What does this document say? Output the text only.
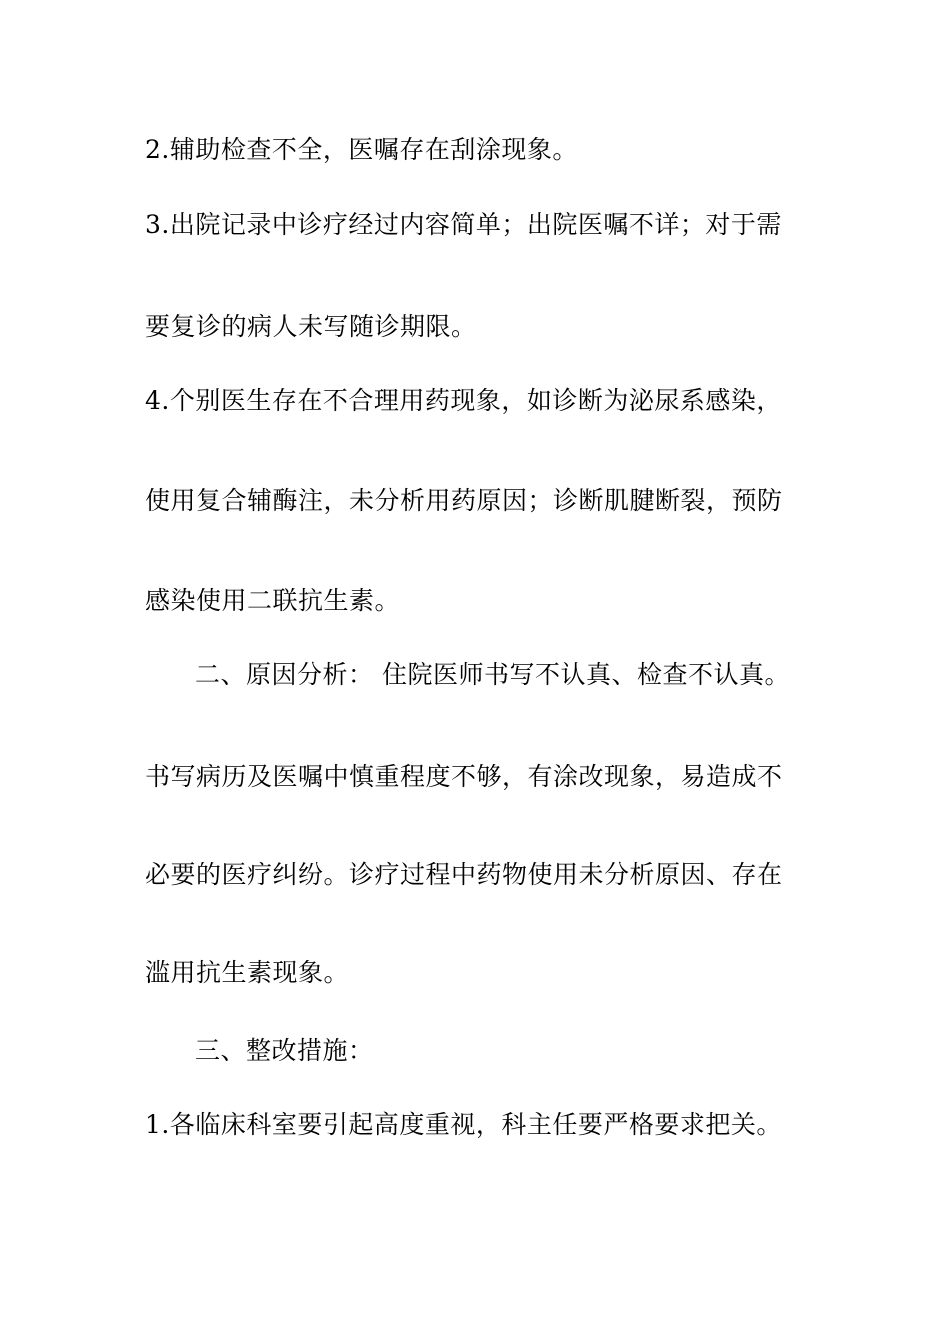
2.辅助检查不全，医嘱存在刮涂现象。
3.出院记录中诊疗经过内容简单；出院医嘱不详；对于需
要复诊的病人未写随诊期限。
4.个别医生存在不合理用药现象，如诊断为泌尿系感染，
使用复合辅酶注，未分析用药原因；诊断肌腱断裂，预防
感染使用二联抗生素。
二、原因分析： 住院医师书写不认真、检查不认真。
书写病历及医嘱中慎重程度不够，有涂改现象，易造成不
必要的医疗纠纷。诊疗过程中药物使用未分析原因、存在
滥用抗生素现象。
三、整改措施：
1.各临床科室要引起高度重视，科主任要严格要求把关。
